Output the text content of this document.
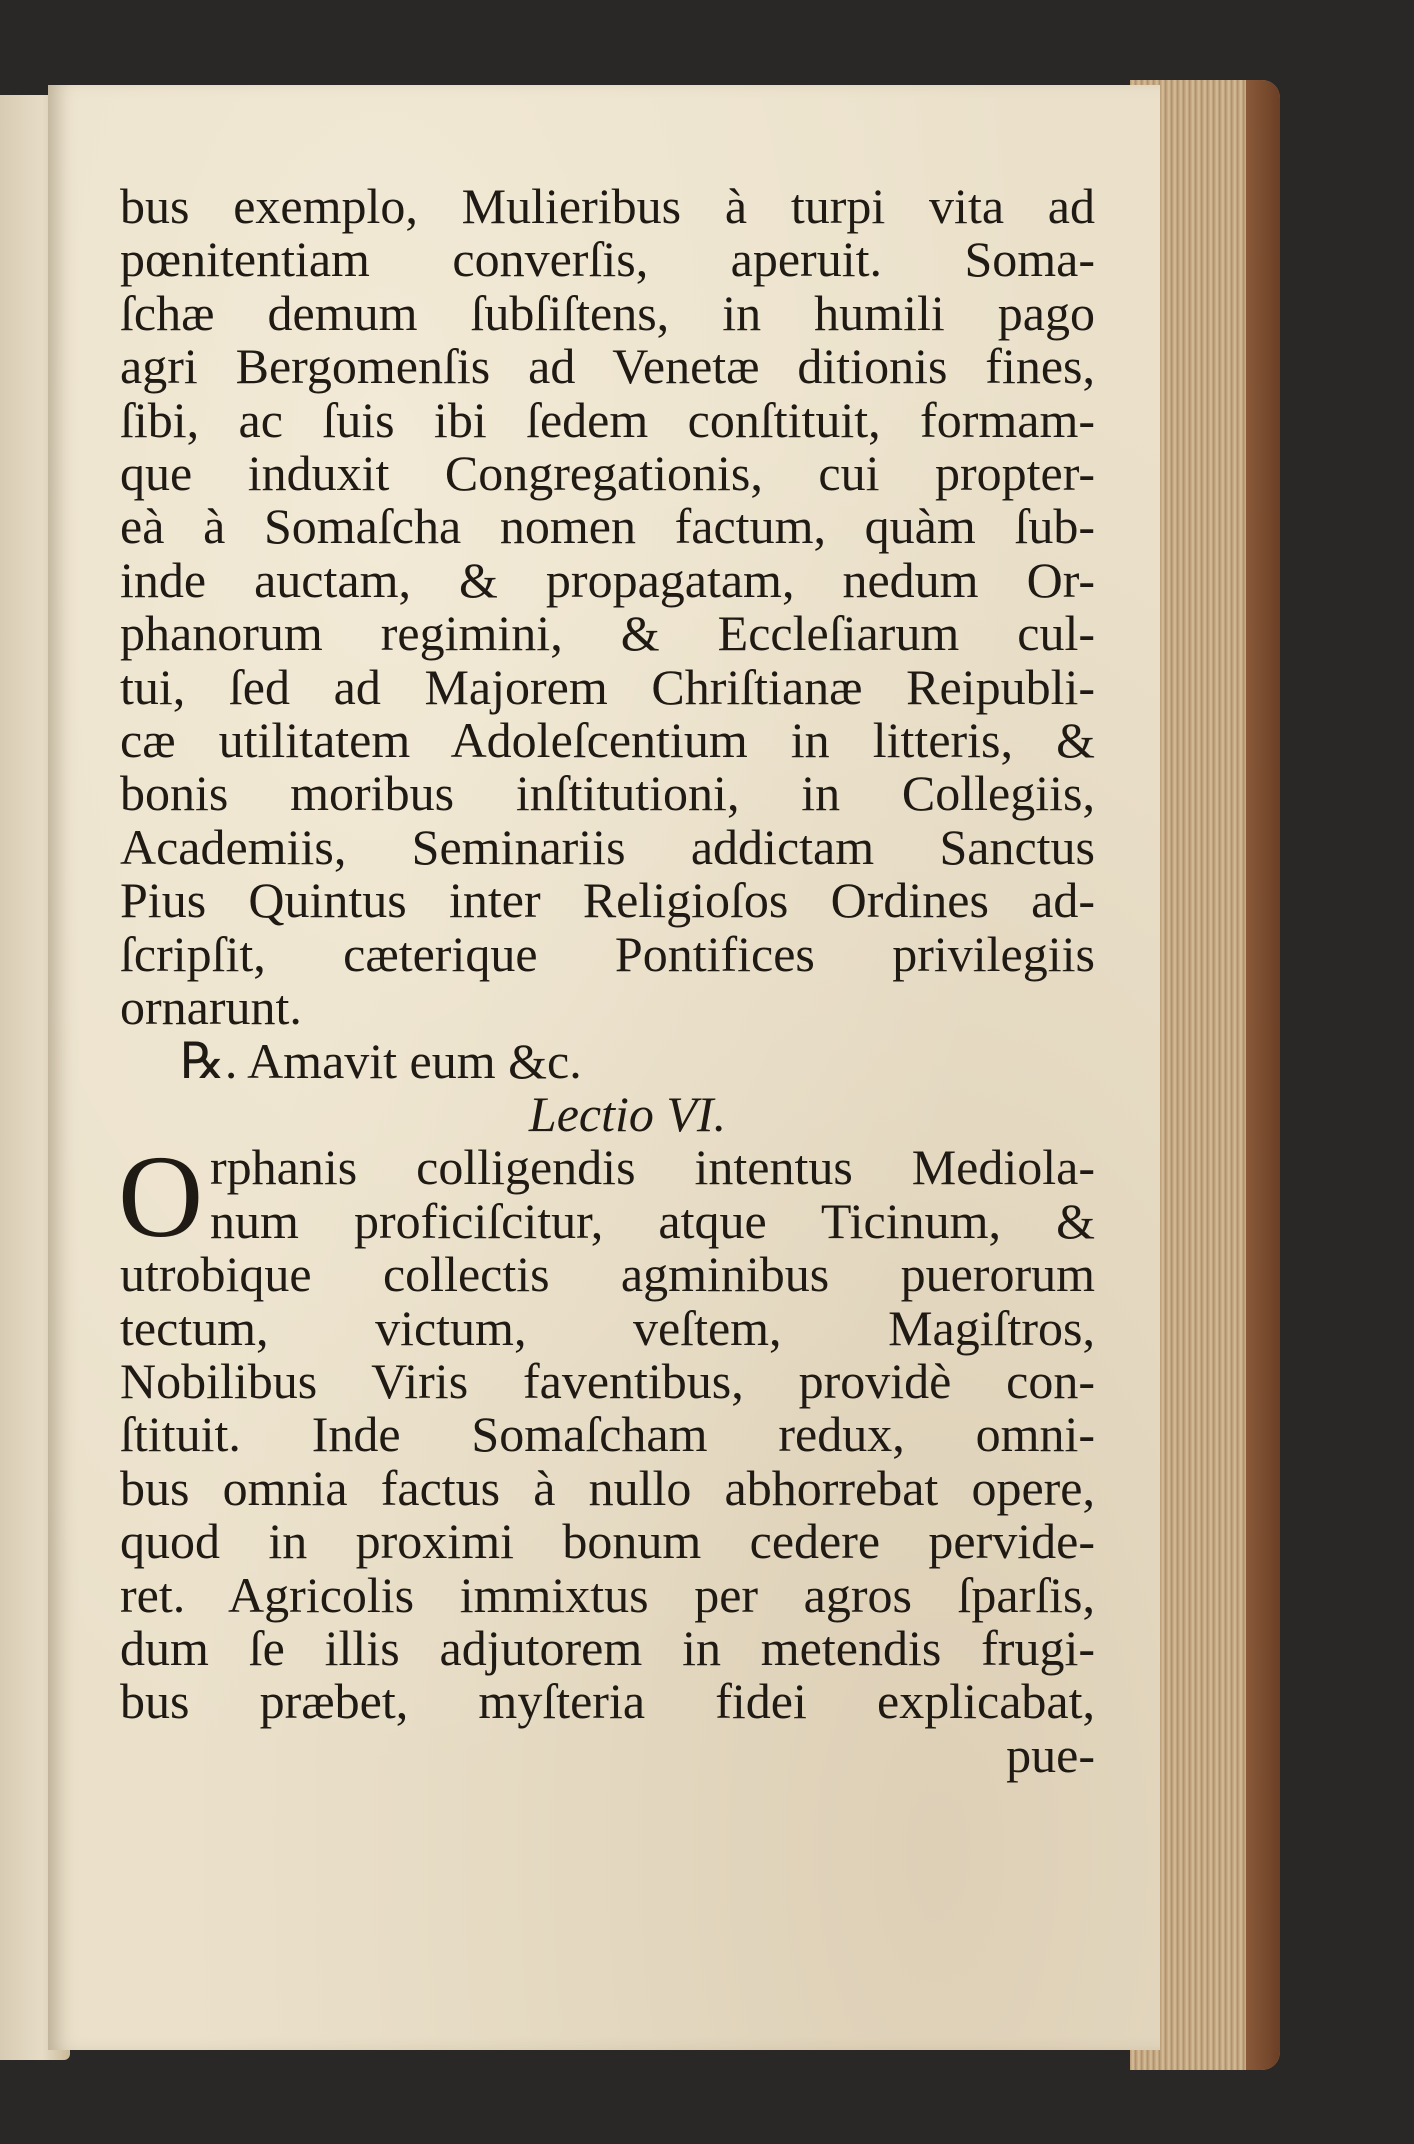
bus exemplo, Mulieribus à turpi vita ad
pœnitentiam converſis, aperuit. Soma-
ſchæ demum ſubſiſtens, in humili pago
agri Bergomenſis ad Venetæ ditionis fines,
ſibi, ac ſuis ibi ſedem conſtituit, formam-
que induxit Congregationis, cui propter-
eà à Somaſcha nomen factum, quàm ſub-
inde auctam, & propagatam, nedum Or-
phanorum regimini, & Eccleſiarum cul-
tui, ſed ad Majorem Chriſtianæ Reipubli-
cæ utilitatem Adoleſcentium in litteris, &
bonis moribus inſtitutioni, in Collegiis,
Academiis, Seminariis addictam Sanctus
Pius Quintus inter Religioſos Ordines ad-
ſcripſit, cæterique Pontifices privilegiis
ornarunt.
℞. Amavit eum &c.
Lectio VI.
O rphanis colligendis intentus Mediola-
num proficiſcitur, atque Ticinum, &
utrobique collectis agminibus puerorum
tectum, victum, veſtem, Magiſtros,
Nobilibus Viris faventibus, providè con-
ſtituit. Inde Somaſcham redux, omni-
bus omnia factus à nullo abhorrebat opere,
quod in proximi bonum cedere pervide-
ret. Agricolis immixtus per agros ſparſis,
dum ſe illis adjutorem in metendis frugi-
bus præbet, myſteria fidei explicabat,
pue-
